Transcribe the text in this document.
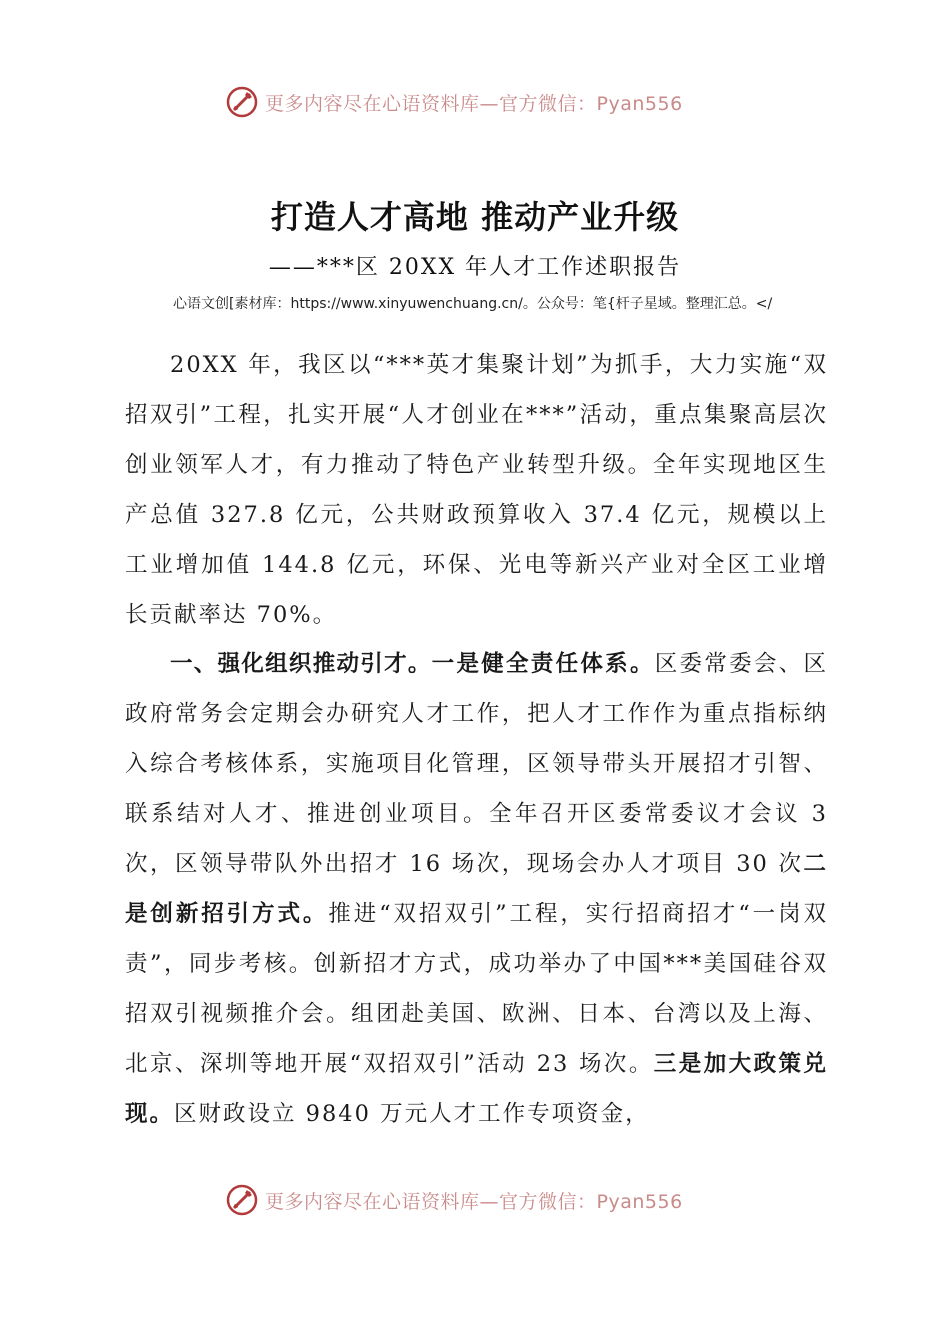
更多内容尽在心语资料库—官方微信：Pyan556
打造人才高地 推动产业升级
——***区 20XX 年人才工作述职报告
心语文创[素材库：https://www.xinyuwenchuang.cn/。公众号：笔{杆子星域。整理汇总。</

20XX 年，我区以“***英才集聚计划”为抓手，大力实施“双招双引”工程，扎实开展“人才创业在***”活动，重点集聚高层次创业领军人才，有力推动了特色产业转型升级。全年实现地区生产总值 327.8 亿元，公共财政预算收入 37.4 亿元，规模以上工业增加值 144.8 亿元，环保、光电等新兴产业对全区工业增长贡献率达 70%。

一、强化组织推动引才。一是健全责任体系。区委常委会、区政府常务会定期会办研究人才工作，把人才工作作为重点指标纳入综合考核体系，实施项目化管理，区领导带头开展招才引智、联系结对人才、推进创业项目。全年召开区委常委议才会议 3 次，区领导带队外出招才 16 场次，现场会办人才项目 30 次二是创新招引方式。推进“双招双引”工程，实行招商招才“一岗双责”，同步考核。创新招才方式，成功举办了中国***美国硅谷双招双引视频推介会。组团赴美国、欧洲、日本、台湾以及上海、北京、深圳等地开展“双招双引”活动 23 场次。三是加大政策兑现。区财政设立 9840 万元人才工作专项资金，

更多内容尽在心语资料库—官方微信：Pyan556
